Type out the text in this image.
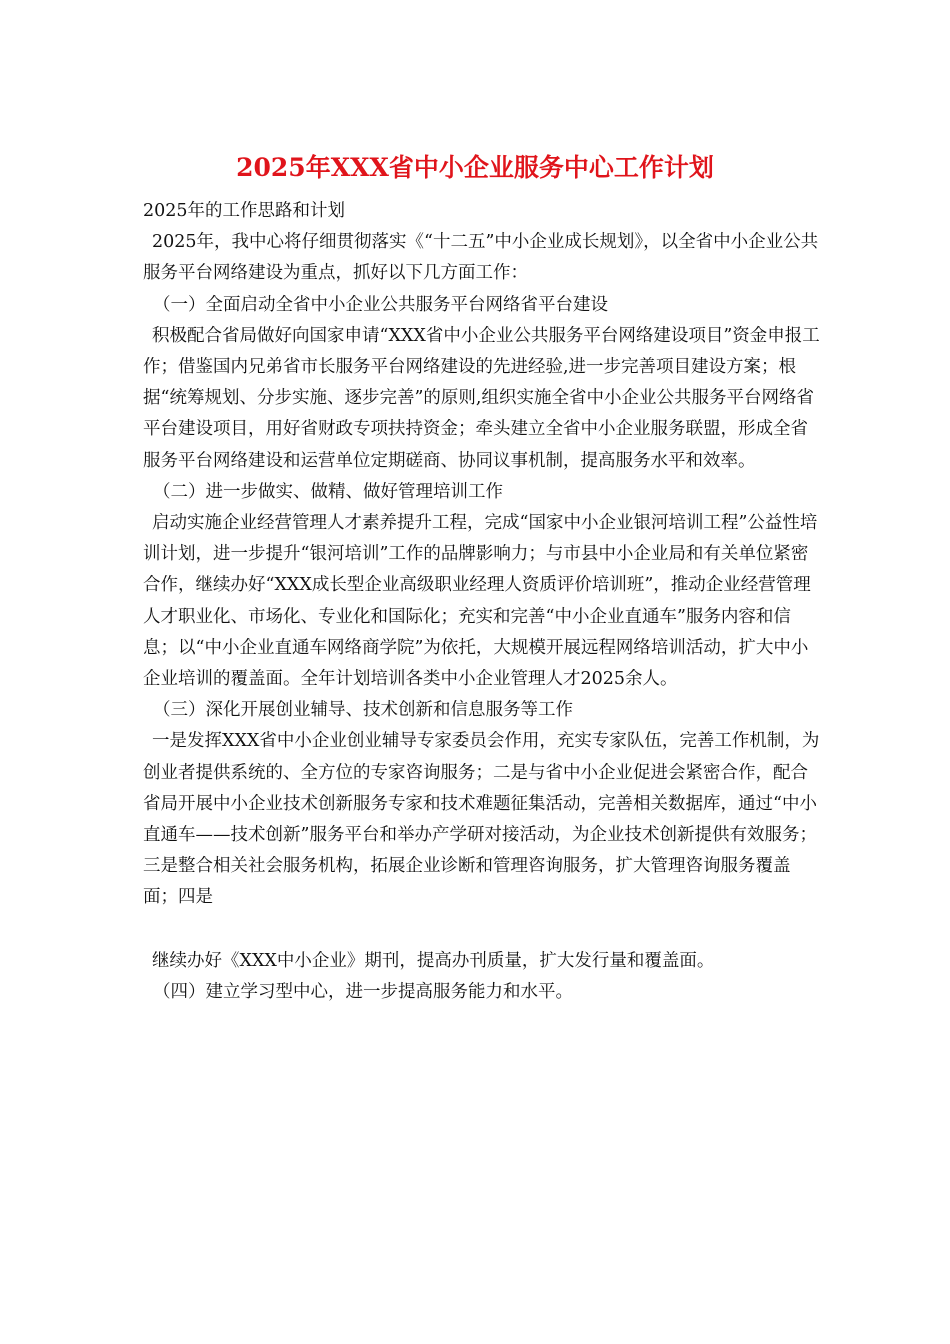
2025年XXX省中小企业服务中心工作计划

2025年的工作思路和计划

2025年，我中心将仔细贯彻落实《“十二五”中小企业成长规划》，以全省中小企业公共服务平台网络建设为重点，抓好以下几方面工作：

（一）全面启动全省中小企业公共服务平台网络省平台建设

积极配合省局做好向国家申请“XXX省中小企业公共服务平台网络建设项目”资金申报工作；借鉴国内兄弟省市长服务平台网络建设的先进经验,进一步完善项目建设方案；根据“统筹规划、分步实施、逐步完善”的原则,组织实施全省中小企业公共服务平台网络省平台建设项目，用好省财政专项扶持资金；牵头建立全省中小企业服务联盟，形成全省服务平台网络建设和运营单位定期磋商、协同议事机制，提高服务水平和效率。

（二）进一步做实、做精、做好管理培训工作

启动实施企业经营管理人才素养提升工程，完成“国家中小企业银河培训工程”公益性培训计划，进一步提升“银河培训”工作的品牌影响力；与市县中小企业局和有关单位紧密合作，继续办好“XXX成长型企业高级职业经理人资质评价培训班”，推动企业经营管理人才职业化、市场化、专业化和国际化；充实和完善“中小企业直通车”服务内容和信息；以“中小企业直通车网络商学院”为依托，大规模开展远程网络培训活动，扩大中小企业培训的覆盖面。全年计划培训各类中小企业管理人才2025余人。

（三）深化开展创业辅导、技术创新和信息服务等工作

一是发挥XXX省中小企业创业辅导专家委员会作用，充实专家队伍，完善工作机制，为创业者提供系统的、全方位的专家咨询服务；二是与省中小企业促进会紧密合作，配合省局开展中小企业技术创新服务专家和技术难题征集活动，完善相关数据库，通过“中小直通车——技术创新”服务平台和举办产学研对接活动，为企业技术创新提供有效服务；三是整合相关社会服务机构，拓展企业诊断和管理咨询服务，扩大管理咨询服务覆盖面；四是

继续办好《XXX中小企业》期刊，提高办刊质量，扩大发行量和覆盖面。

（四）建立学习型中心，进一步提高服务能力和水平。
